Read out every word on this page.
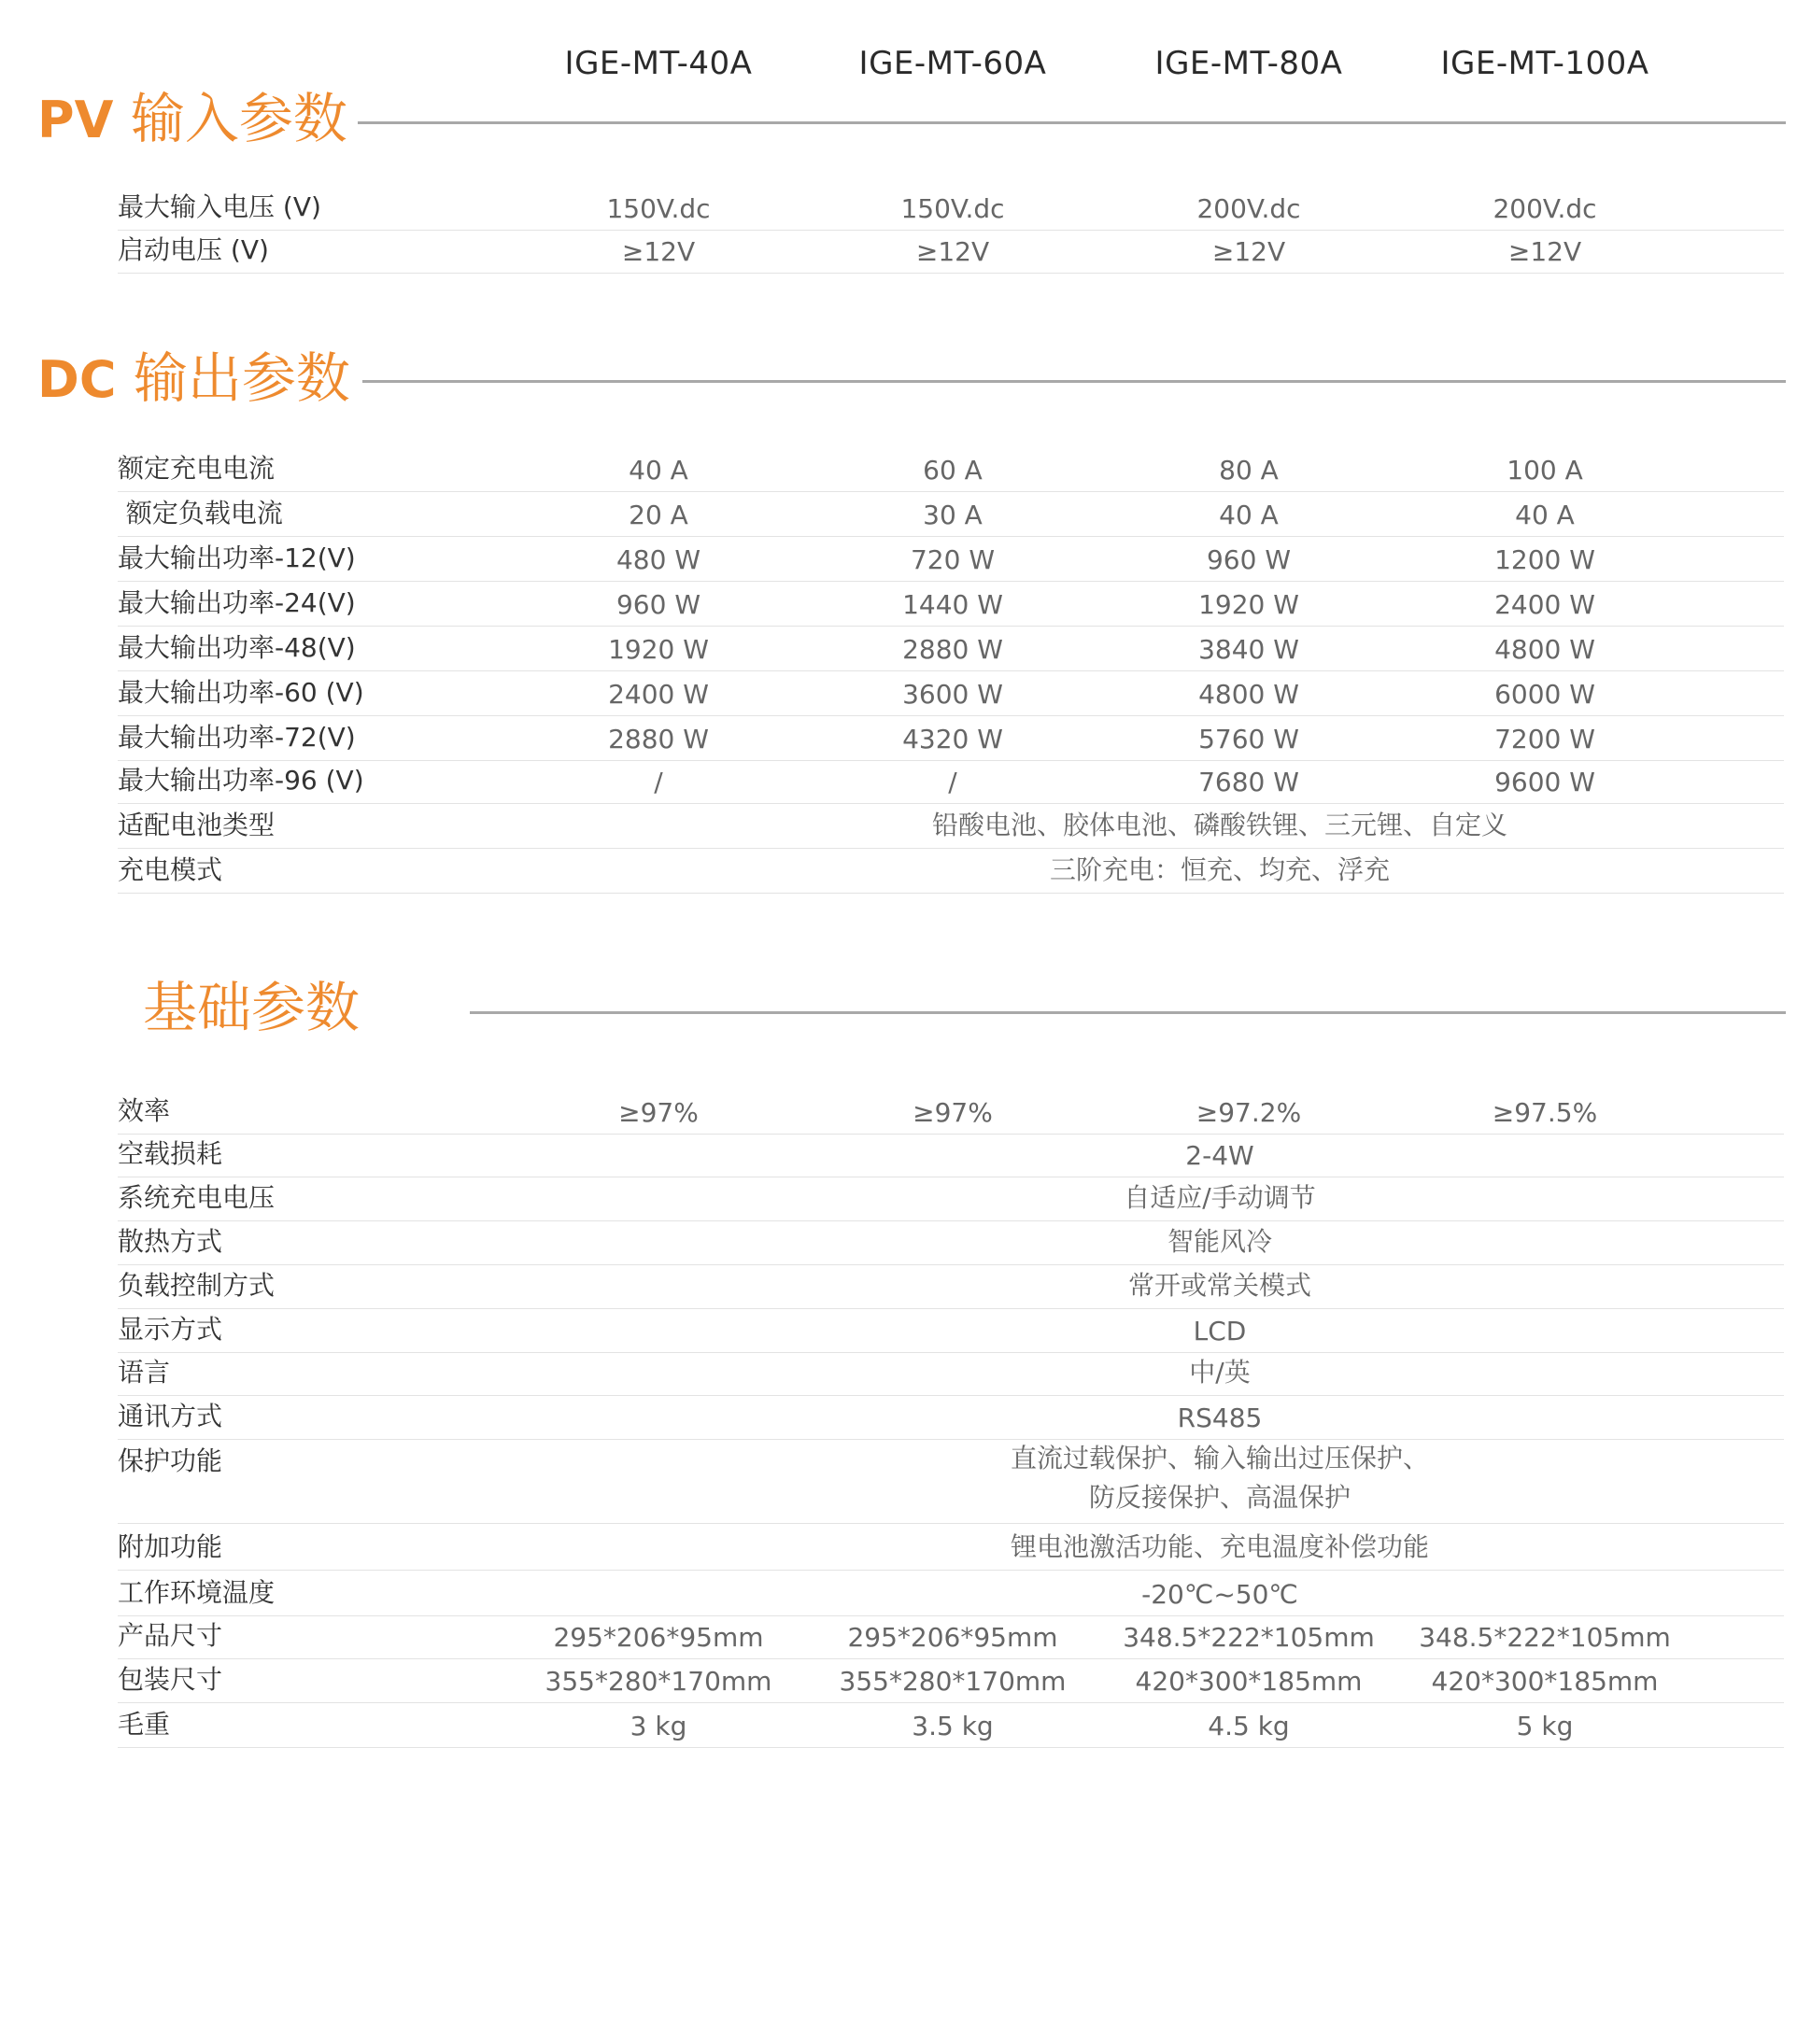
IGE-MT-40A	IGE-MT-60A	IGE-MT-80A	IGE-MT-100A
PV 输入参数
最大输入电压 (V)	150V.dc	150V.dc	200V.dc	200V.dc
启动电压 (V)	≥12V	≥12V	≥12V	≥12V
DC 输出参数
额定充电电流	40 A	60 A	80 A	100 A
额定负载电流	20 A	30 A	40 A	40 A
最大输出功率-12(V)	480 W	720 W	960 W	1200 W
最大输出功率-24(V)	960 W	1440 W	1920 W	2400 W
最大输出功率-48(V)	1920 W	2880 W	3840 W	4800 W
最大输出功率-60 (V)	2400 W	3600 W	4800 W	6000 W
最大输出功率-72(V)	2880 W	4320 W	5760 W	7200 W
最大输出功率-96 (V)	/	/	7680 W	9600 W
适配电池类型	铅酸电池、胶体电池、磷酸铁锂、三元锂、自定义
充电模式	三阶充电：恒充、均充、浮充
基础参数
效率	≥97%	≥97%	≥97.2%	≥97.5%
空载损耗	2-4W
系统充电电压	自适应/手动调节
散热方式	智能风冷
负载控制方式	常开或常关模式
显示方式	LCD
语言	中/英
通讯方式	RS485
保护功能	直流过载保护、输入输出过压保护、
防反接保护、高温保护
附加功能	锂电池激活功能、充电温度补偿功能
工作环境温度	-20℃~50℃
产品尺寸	295*206*95mm	295*206*95mm	348.5*222*105mm	348.5*222*105mm
包装尺寸	355*280*170mm	355*280*170mm	420*300*185mm	420*300*185mm
毛重	3 kg	3.5 kg	4.5 kg	5 kg
